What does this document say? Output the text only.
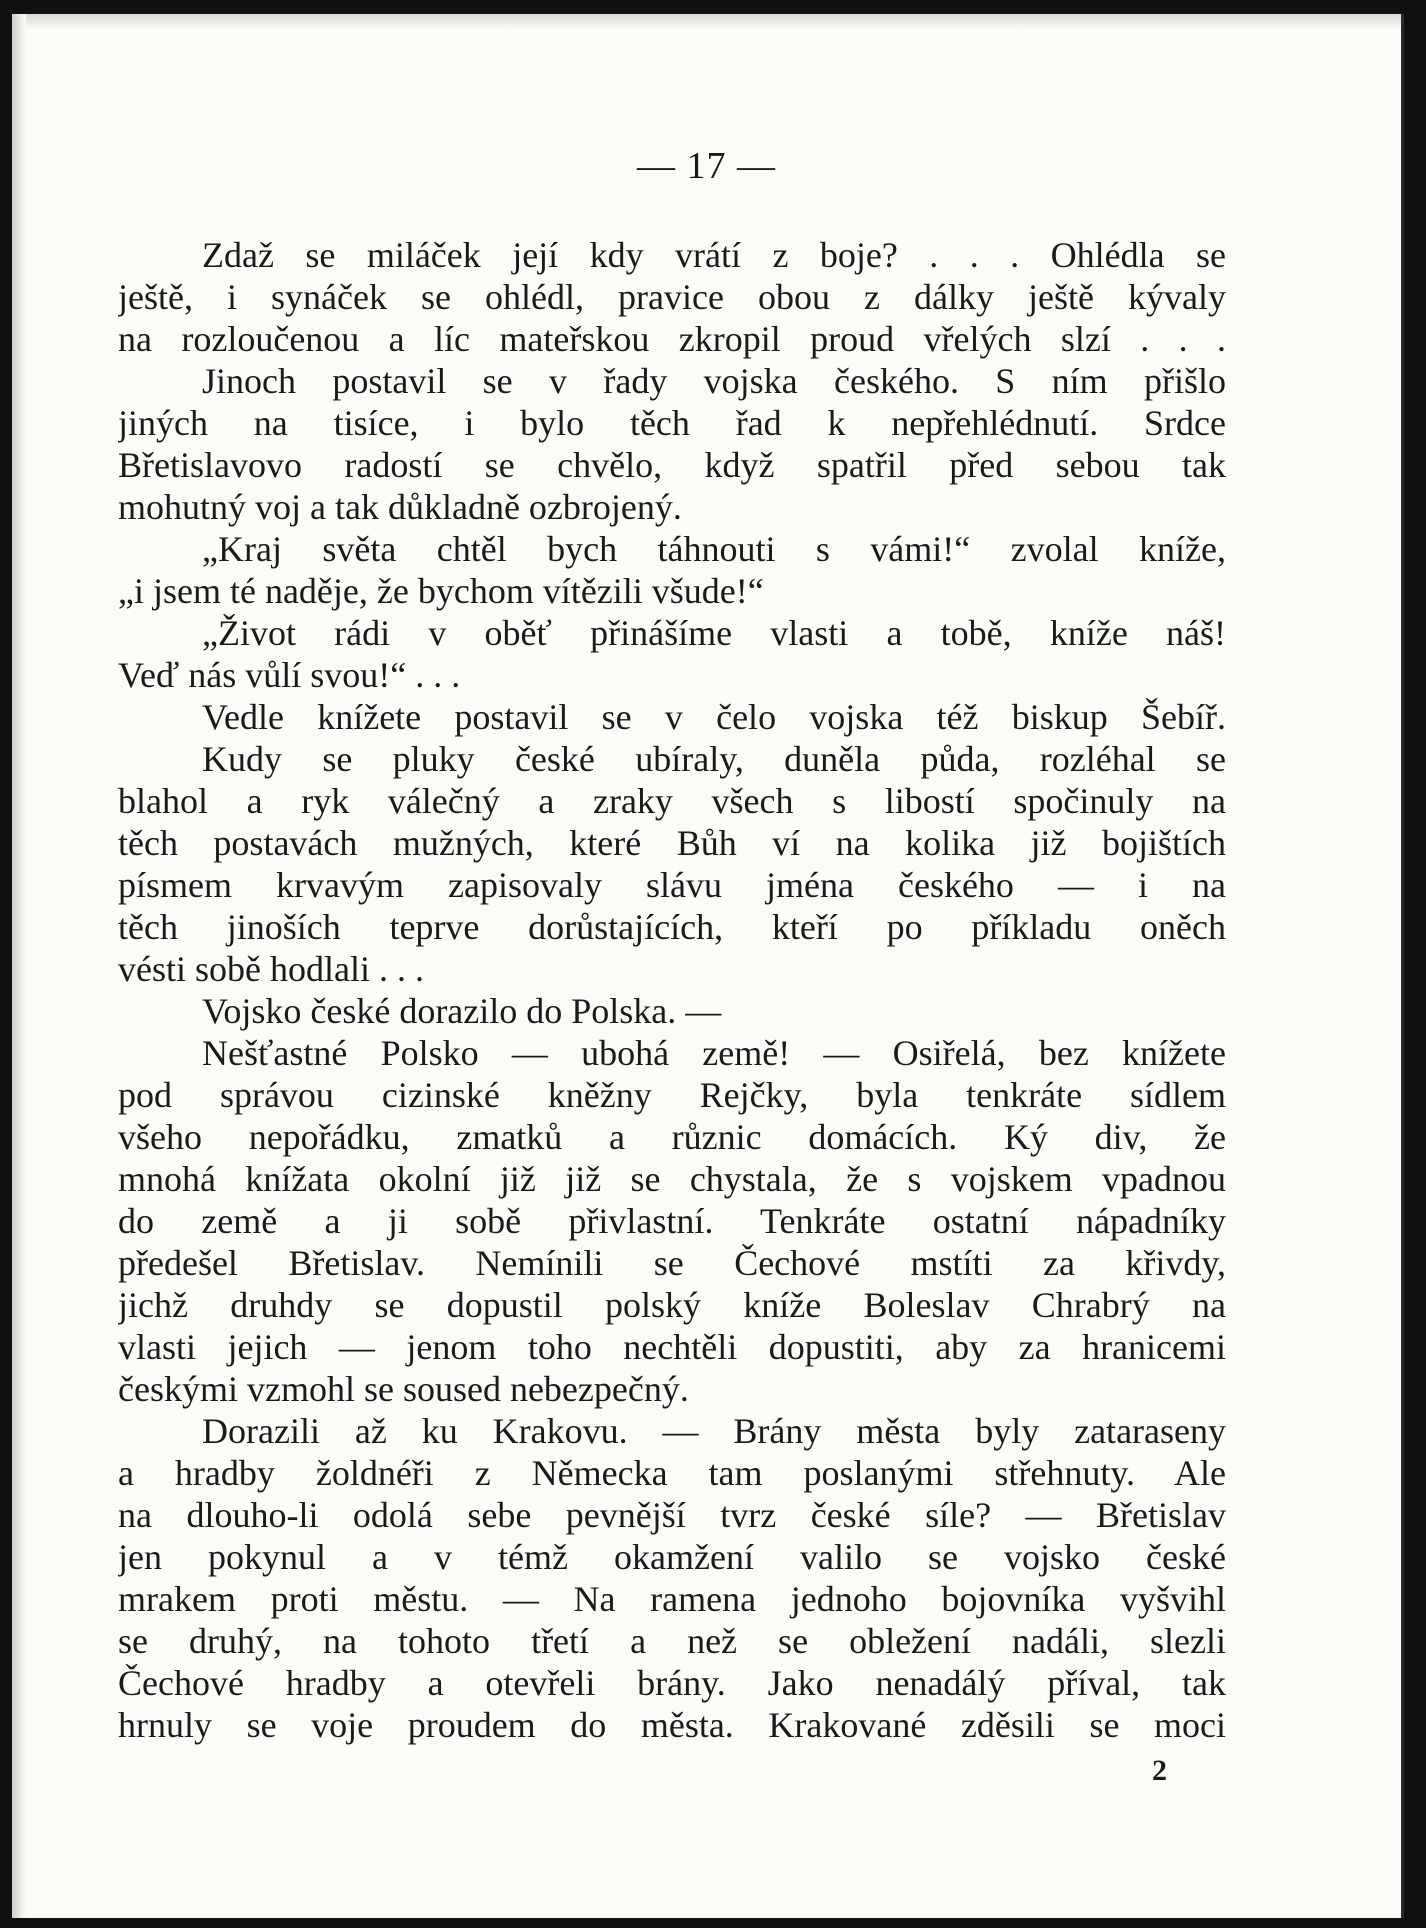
— 17 —
Zdaž se miláček její kdy vrátí z boje? . . . Ohlédla se
ještě, i synáček se ohlédl, pravice obou z dálky ještě kývaly
na rozloučenou a líc mateřskou zkropil proud vřelých slzí . . .
Jinoch postavil se v řady vojska českého. S ním přišlo
jiných na tisíce, i bylo těch řad k nepřehlédnutí. Srdce
Břetislavovo radostí se chvělo, když spatřil před sebou tak
mohutný voj a tak důkladně ozbrojený.
„Kraj světa chtěl bych táhnouti s vámi!“ zvolal kníže,
„i jsem té naděje, že bychom vítězili všude!“
„Život rádi v oběť přinášíme vlasti a tobě, kníže náš!
Veď nás vůlí svou!“ . . .
Vedle knížete postavil se v čelo vojska též biskup Šebíř.
Kudy se pluky české ubíraly, duněla půda, rozléhal se
blahol a ryk válečný a zraky všech s libostí spočinuly na
těch postavách mužných, které Bůh ví na kolika již bojištích
písmem krvavým zapisovaly slávu jména českého — i na
těch jinoších teprve dorůstajících, kteří po příkladu oněch
vésti sobě hodlali . . .
Vojsko české dorazilo do Polska. —
Nešťastné Polsko — ubohá země! — Osiřelá, bez knížete
pod správou cizinské kněžny Rejčky, byla tenkráte sídlem
všeho nepořádku, zmatků a různic domácích. Ký div, že
mnohá knížata okolní již již se chystala, že s vojskem vpadnou
do země a ji sobě přivlastní. Tenkráte ostatní nápadníky
předešel Břetislav. Nemínili se Čechové mstíti za křivdy,
jichž druhdy se dopustil polský kníže Boleslav Chrabrý na
vlasti jejich — jenom toho nechtěli dopustiti, aby za hranicemi
českými vzmohl se soused nebezpečný.
Dorazili až ku Krakovu. — Brány města byly zataraseny
a hradby žoldnéři z Německa tam poslanými střehnuty. Ale
na dlouho-li odolá sebe pevnější tvrz české síle? — Břetislav
jen pokynul a v témž okamžení valilo se vojsko české
mrakem proti městu. — Na ramena jednoho bojovníka vyšvihl
se druhý, na tohoto třetí a než se obležení nadáli, slezli
Čechové hradby a otevřeli brány. Jako nenadálý příval, tak
hrnuly se voje proudem do města. Krakované zděsili se moci
2
